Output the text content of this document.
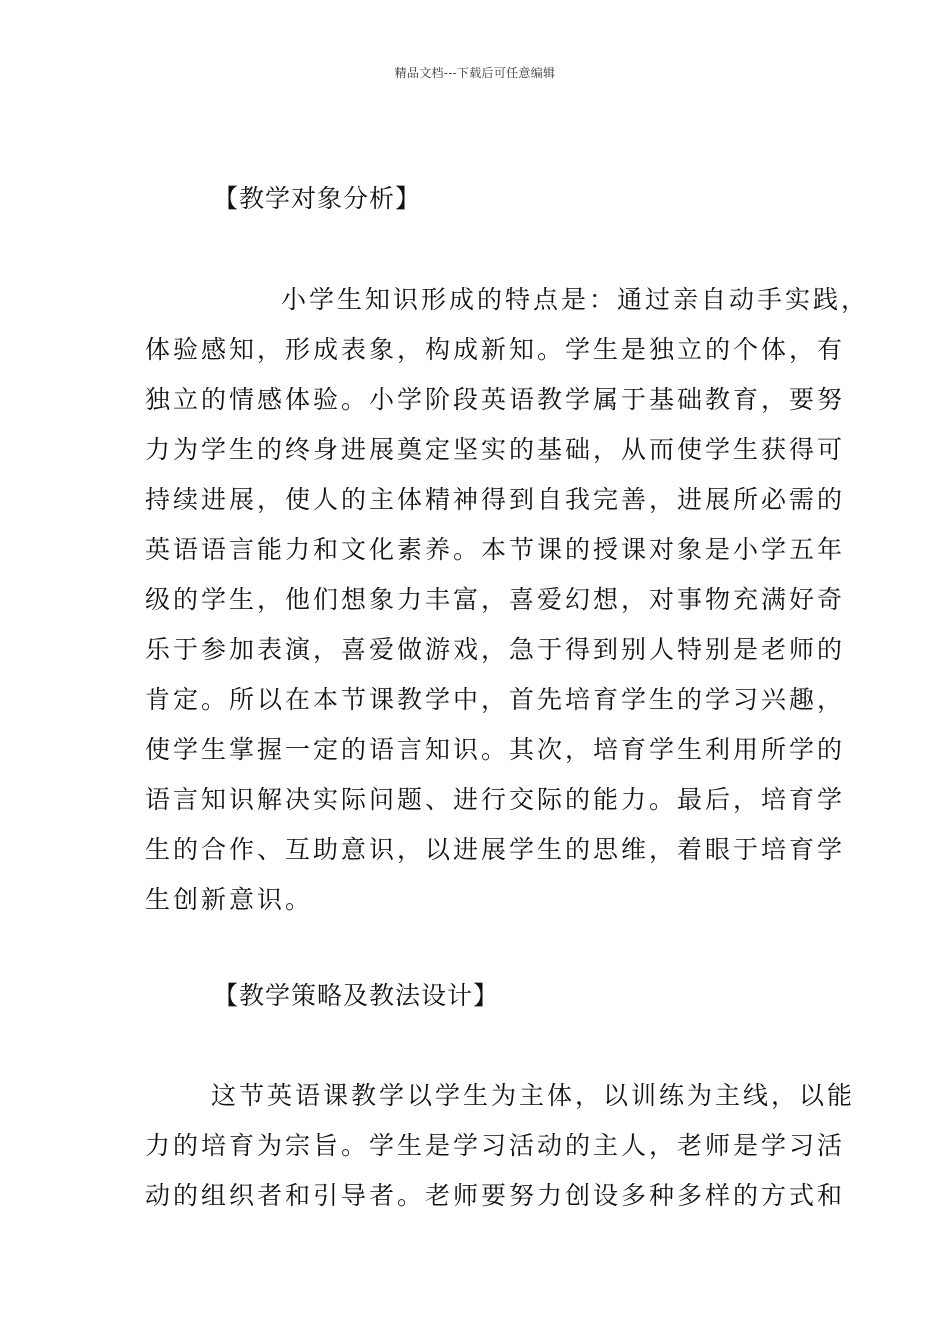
精品文档---下载后可任意编辑
【教学对象分析】
小学生知识形成的特点是：通过亲自动手实践，
体验感知，形成表象，构成新知。学生是独立的个体，有
独立的情感体验。小学阶段英语教学属于基础教育，要努
力为学生的终身进展奠定坚实的基础，从而使学生获得可
持续进展，使人的主体精神得到自我完善，进展所必需的
英语语言能力和文化素养。本节课的授课对象是小学五年
级的学生，他们想象力丰富，喜爱幻想，对事物充满好奇
乐于参加表演，喜爱做游戏，急于得到别人特别是老师的
肯定。所以在本节课教学中，首先培育学生的学习兴趣，
使学生掌握一定的语言知识。其次，培育学生利用所学的
语言知识解决实际问题、进行交际的能力。最后，培育学
生的合作、互助意识，以进展学生的思维，着眼于培育学
生创新意识。
【教学策略及教法设计】
这节英语课教学以学生为主体，以训练为主线，以能
力的培育为宗旨。学生是学习活动的主人，老师是学习活
动的组织者和引导者。老师要努力创设多种多样的方式和
